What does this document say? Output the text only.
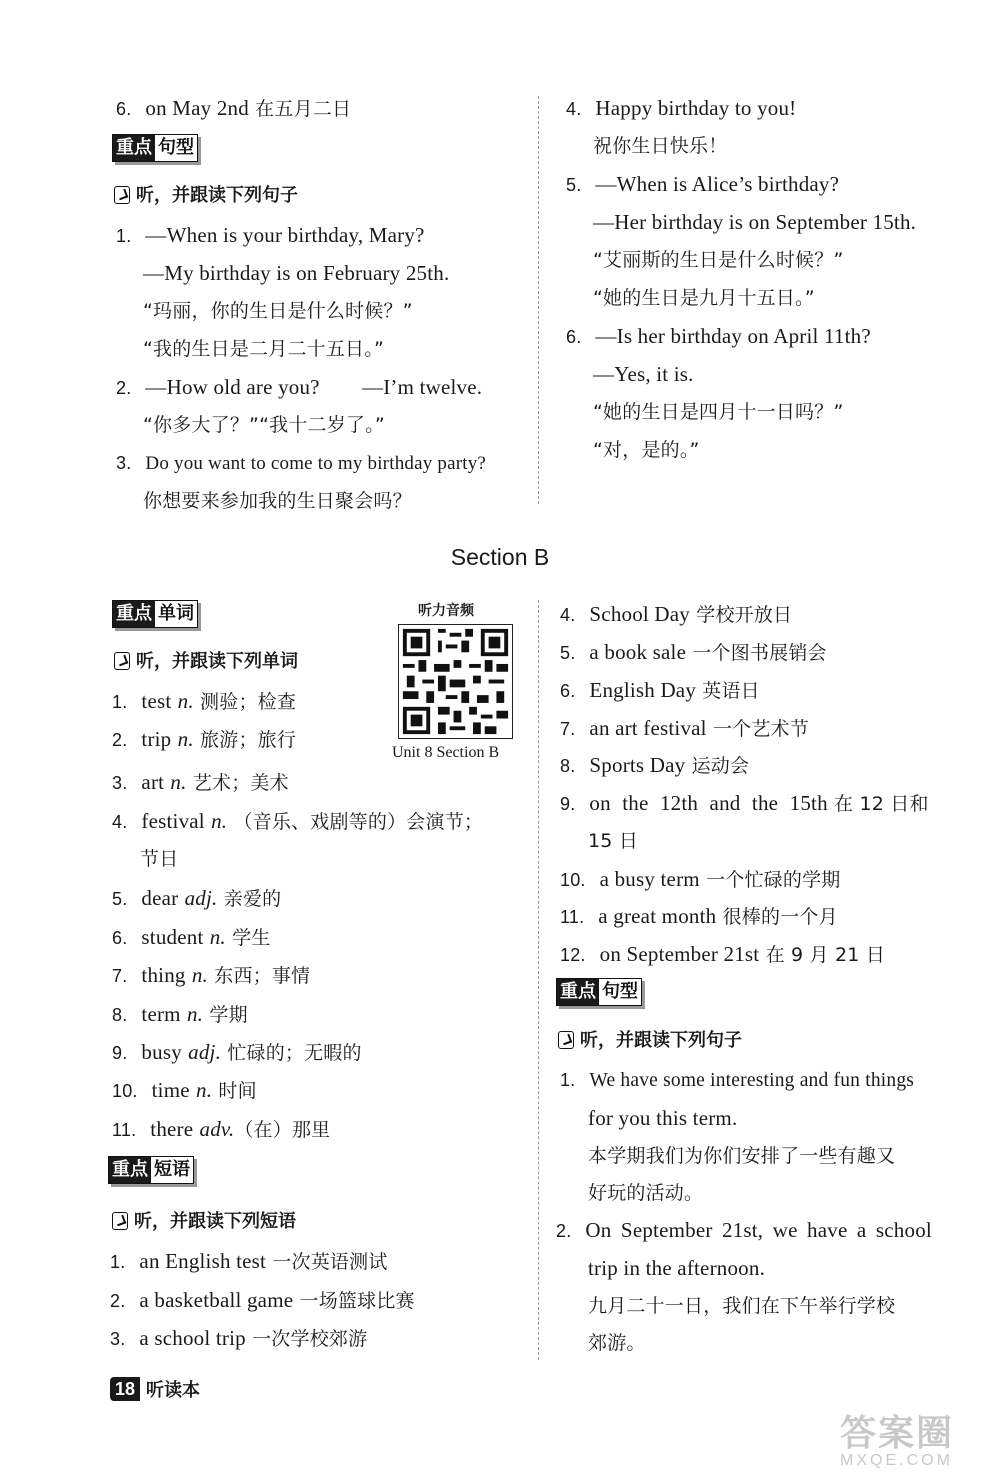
6. on May 2nd 在五月二日
重点 句型
听，并跟读下列句子
1. —When is your birthday, Mary?
—My birthday is on February 25th.
“玛丽，你的生日是什么时候？”
“我的生日是二月二十五日。”
2. —How old are you? —I’m twelve.
“你多大了？”“我十二岁了。”
3. Do you want to come to my birthday party?
你想要来参加我的生日聚会吗？
4. Happy birthday to you!
祝你生日快乐！
5. —When is Alice’s birthday?
—Her birthday is on September 15th.
“艾丽斯的生日是什么时候？”
“她的生日是九月十五日。”
6. —Is her birthday on April 11th?
—Yes, it is.
“她的生日是四月十一日吗？”
“对，是的。”
Section B
重点 单词	听力音频
Unit 8 Section B
听，并跟读下列单词
1. test n. 测验；检查
2. trip n. 旅游；旅行
3. art n. 艺术；美术
4. festival n. （音乐、戏剧等的）会演节；
节日
5. dear adj. 亲爱的
6. student n. 学生
7. thing n. 东西；事情
8. term n. 学期
9. busy adj. 忙碌的；无暇的
10. time n. 时间
11. there adv.（在）那里
重点 短语
听，并跟读下列短语
1. an English test 一次英语测试
2. a basketball game 一场篮球比赛
3. a school trip 一次学校郊游
4. School Day 学校开放日
5. a book sale 一个图书展销会
6. English Day 英语日
7. an art festival 一个艺术节
8. Sports Day 运动会
9. on the 12th and the 15th 在 12 日和
15 日
10. a busy term 一个忙碌的学期
11. a great month 很棒的一个月
12. on September 21st 在 9 月 21 日
重点 句型
听，并跟读下列句子
1. We have some interesting and fun things
for you this term.
本学期我们为你们安排了一些有趣又
好玩的活动。
2. On September 21st, we have a school
trip in the afternoon.
九月二十一日，我们在下午举行学校
郊游。
18 听读本
答案圈
MXQE.COM
